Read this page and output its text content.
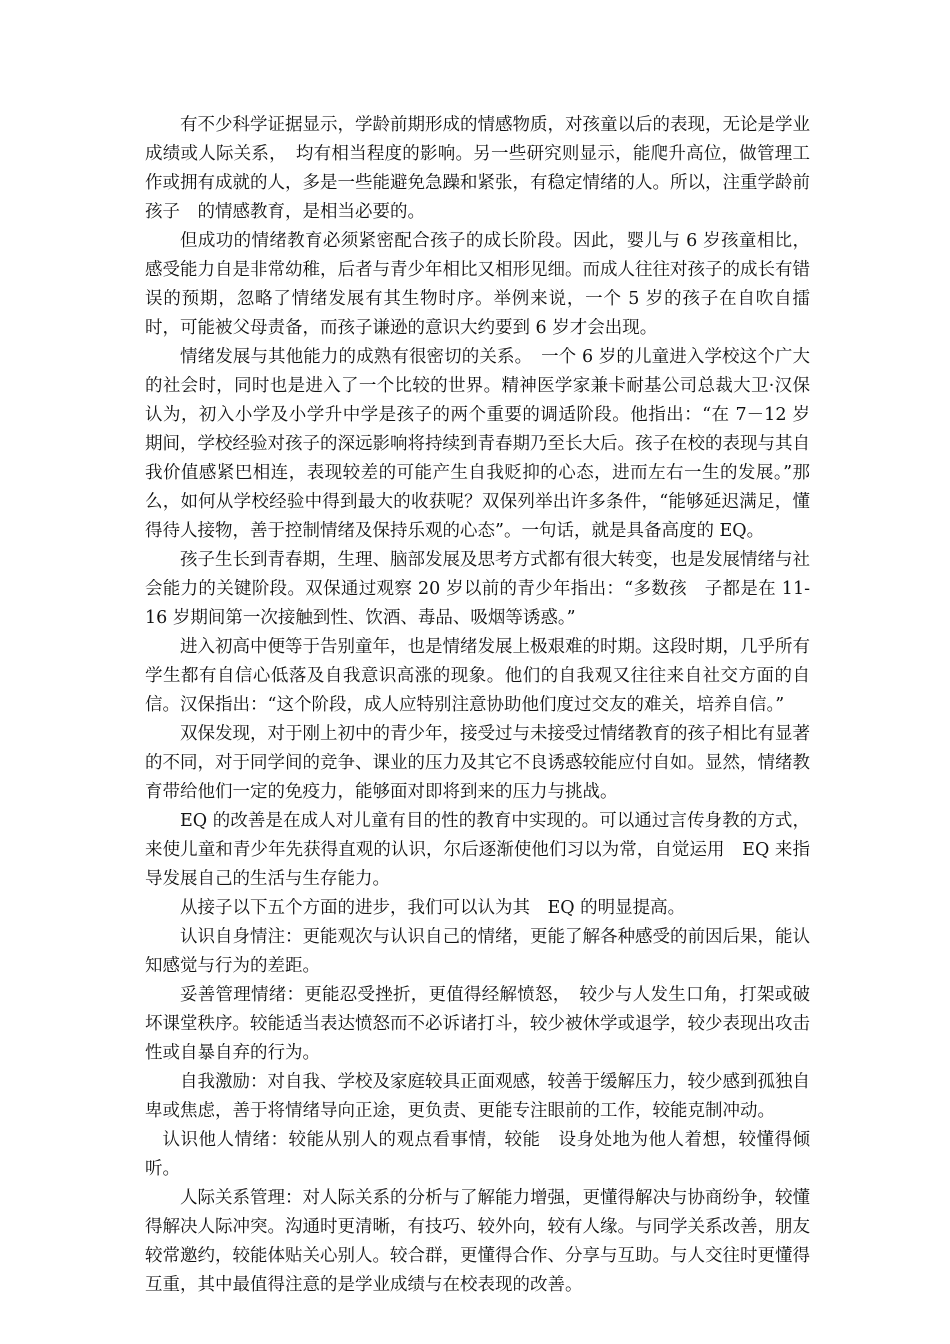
有不少科学证据显示，学龄前期形成的情感物质，对孩童以后的表现，无论是学业成绩或人际关系，　均有相当程度的影响。另一些研究则显示，能爬升高位，做管理工作或拥有成就的人，多是一些能避免急躁和紧张，有稳定情绪的人。所以，注重学龄前孩子　的情感教育，是相当必要的。

但成功的情绪教育必须紧密配合孩子的成长阶段。因此，婴儿与 6 岁孩童相比，感受能力自是非常幼稚，后者与青少年相比又相形见细。而成人往往对孩子的成长有错误的预期，忽略了情绪发展有其生物时序。举例来说，一个 5 岁的孩子在自吹自擂时，可能被父母责备，而孩子谦逊的意识大约要到 6 岁才会出现。

情绪发展与其他能力的成熟有很密切的关系。　一个 6 岁的儿童进入学校这个广大的社会时，同时也是进入了一个比较的世界。精神医学家兼卡耐基公司总裁大卫·汉保认为，初入小学及小学升中学是孩子的两个重要的调适阶段。他指出：“在 7－12 岁期间，学校经验对孩子的深远影响将持续到青春期乃至长大后。孩子在校的表现与其自我价值感紧巴相连，表现较差的可能产生自我贬抑的心态，进而左右一生的发展。”那么，如何从学校经验中得到最大的收获呢？双保列举出许多条件，“能够延迟满足，懂得待人接物，善于控制情绪及保持乐观的心态”。一句话，就是具备高度的 EQ。

孩子生长到青春期，生理、脑部发展及思考方式都有很大转变，也是发展情绪与社会能力的关键阶段。双保通过观察 20 岁以前的青少年指出：“多数孩　子都是在 11-16 岁期间第一次接触到性、饮酒、毒品、吸烟等诱惑。”

进入初高中便等于告别童年，也是情绪发展上极艰难的时期。这段时期，几乎所有学生都有自信心低落及自我意识高涨的现象。他们的自我观又往往来自社交方面的自信。汉保指出：“这个阶段，成人应特别注意协助他们度过交友的难关，培养自信。”

双保发现，对于刚上初中的青少年，接受过与未接受过情绪教育的孩子相比有显著的不同，对于同学间的竞争、课业的压力及其它不良诱惑较能应付自如。显然，情绪教育带给他们一定的免疫力，能够面对即将到来的压力与挑战。

EQ 的改善是在成人对儿童有目的性的教育中实现的。可以通过言传身教的方式，来使儿童和青少年先获得直观的认识，尔后逐渐使他们习以为常，自觉运用　EQ 来指导发展自己的生活与生存能力。

从接子以下五个方面的进步，我们可以认为其　EQ 的明显提高。

认识自身情注：更能观次与认识自己的情绪，更能了解各种感受的前因后果，能认知感觉与行为的差距。

妥善管理情绪：更能忍受挫折，更值得经解愤怒，　较少与人发生口角，打架或破坏课堂秩序。较能适当表达愤怒而不必诉诸打斗，较少被休学或退学，较少表现出攻击性或自暴自弃的行为。

自我激励：对自我、学校及家庭较具正面观感，较善于缓解压力，较少感到孤独自卑或焦虑，善于将情绪导向正途，更负责、更能专注眼前的工作，较能克制冲动。

认识他人情绪：较能从别人的观点看事情，较能　设身处地为他人着想，较懂得倾听。

人际关系管理：对人际关系的分析与了解能力增强，更懂得解决与协商纷争，较懂得解决人际冲突。沟通时更清晰，有技巧、较外向，较有人缘。与同学关系改善，朋友较常邀约，较能体贴关心别人。较合群，更懂得合作、分享与互助。与人交往时更懂得互重，其中最值得注意的是学业成绩与在校表现的改善。
